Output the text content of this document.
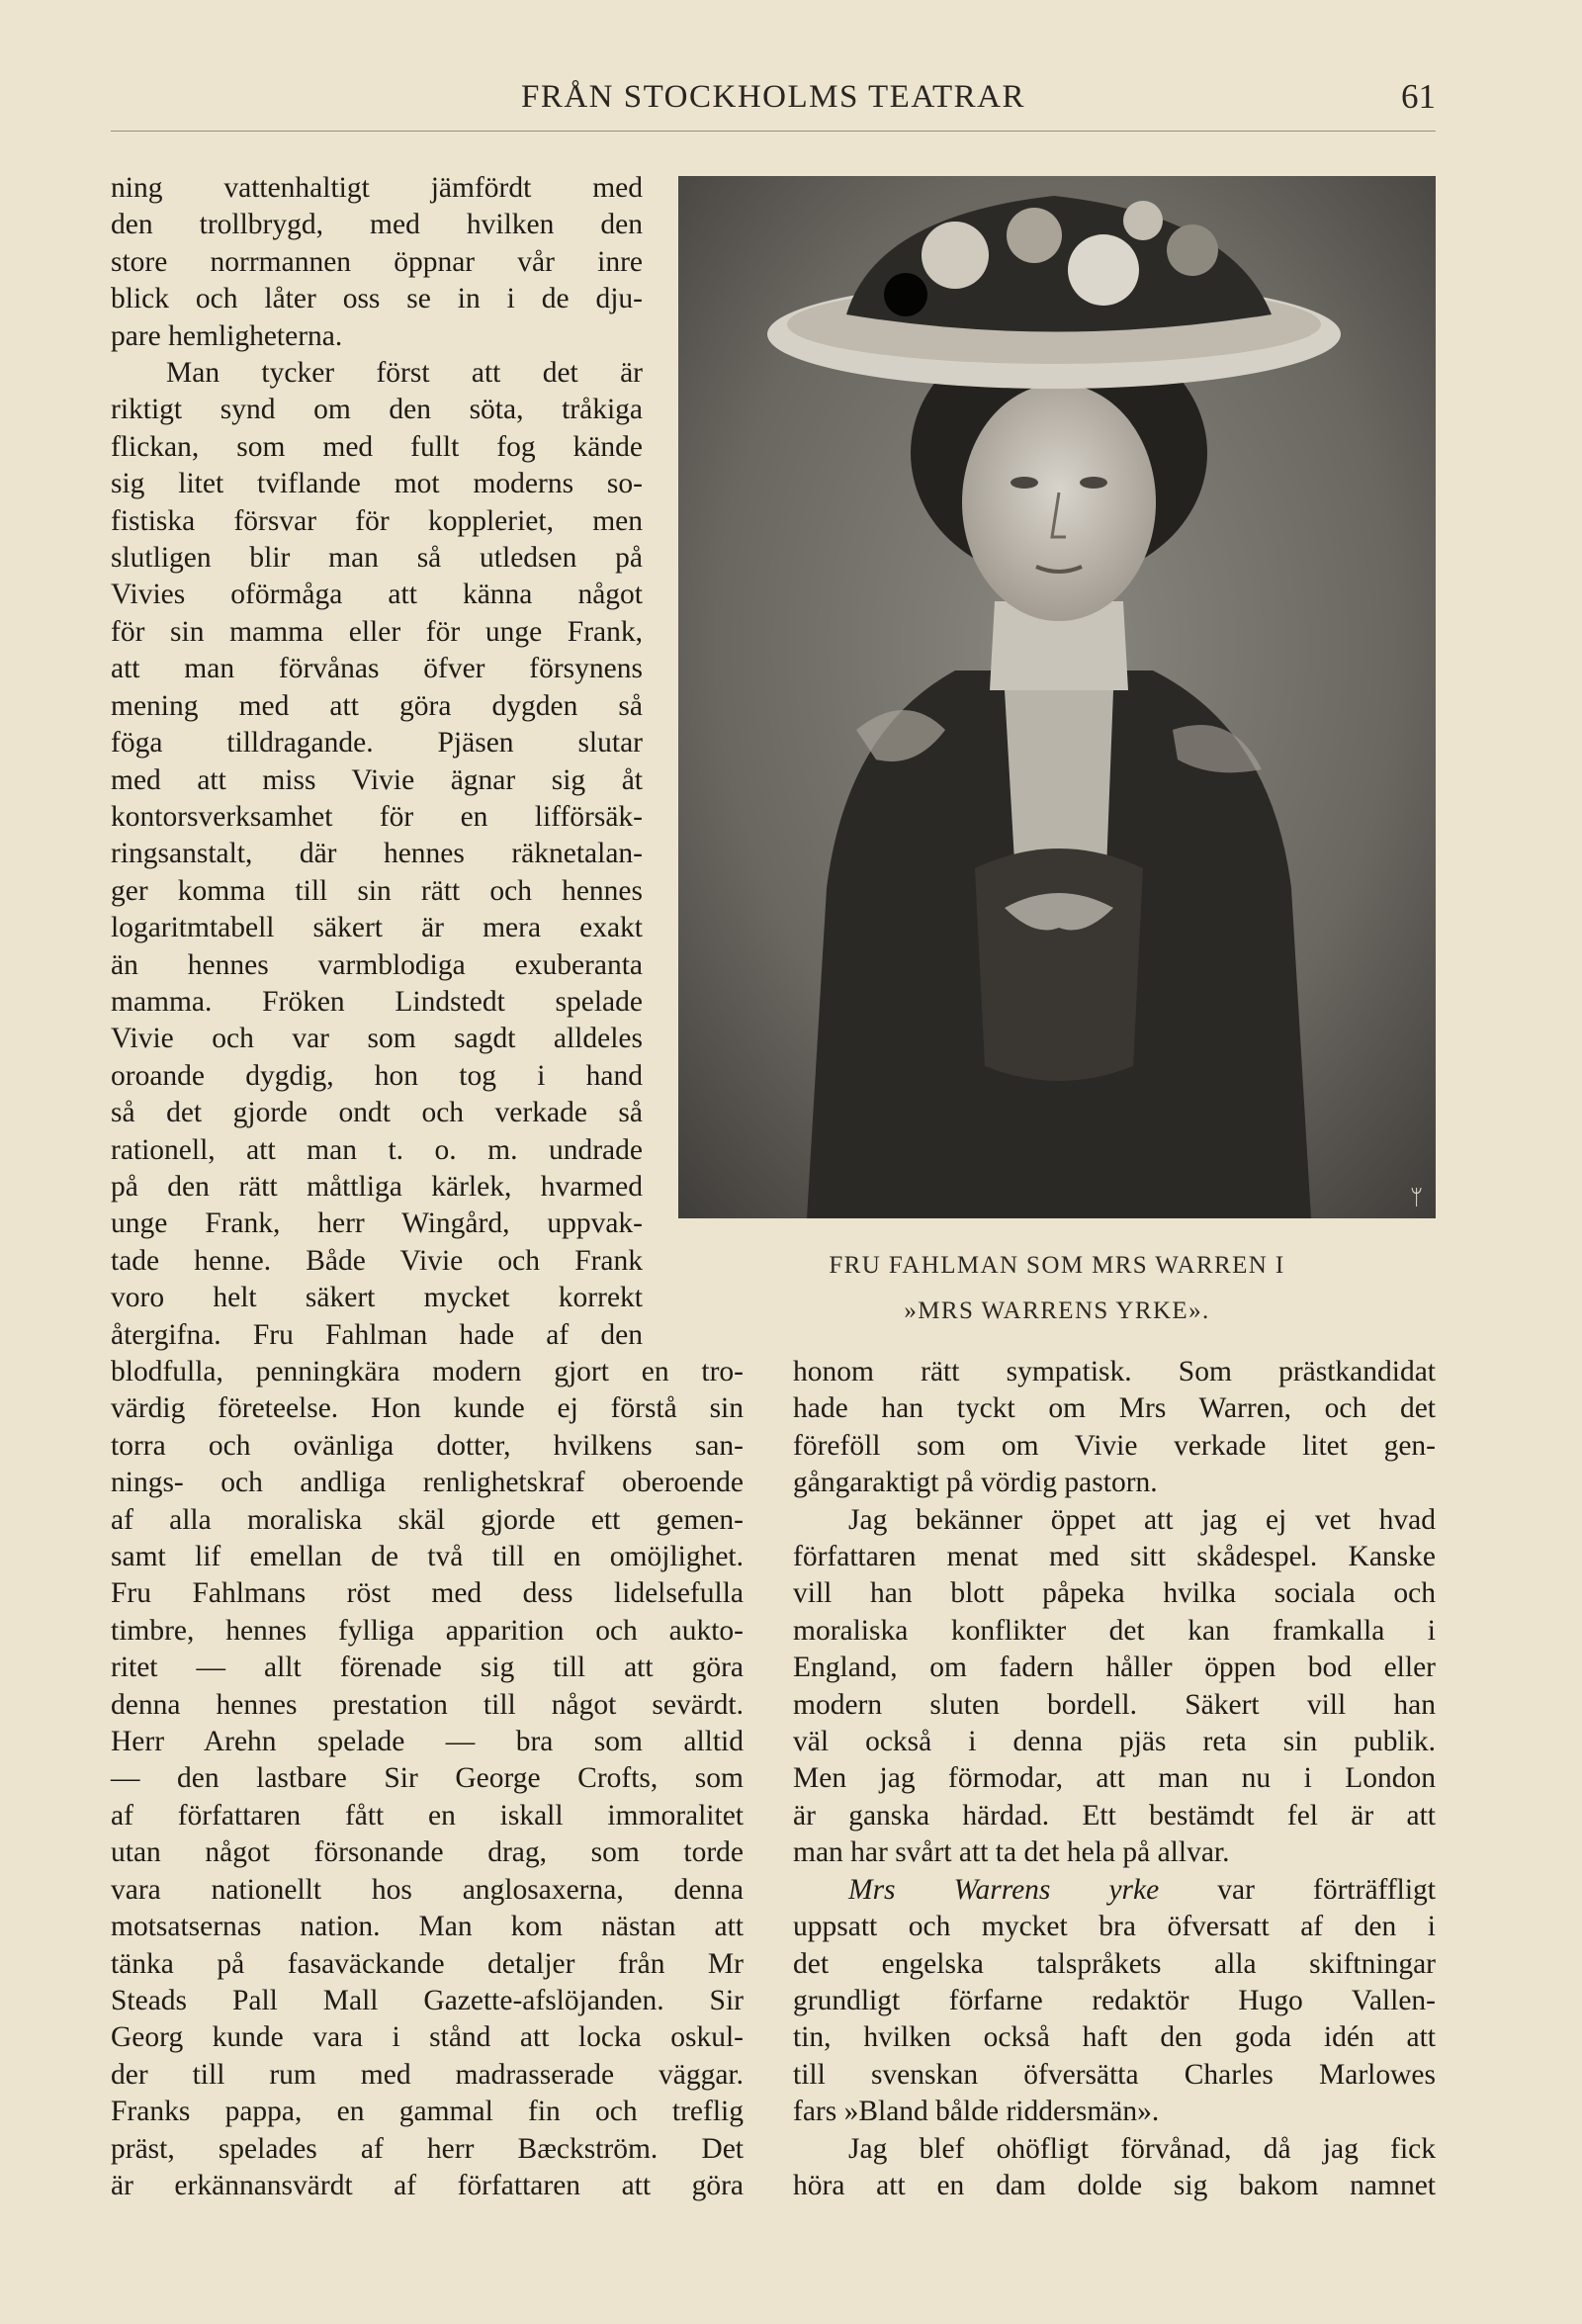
FRÅN STOCKHOLMS TEATRAR	61

ning vattenhaltigt jämfördt med
den trollbrygd, med hvilken den
store norrmannen öppnar vår inre
blick och låter oss se in i de dju-
pare hemligheterna.

Man tycker först att det är
riktigt synd om den söta, tråkiga
flickan, som med fullt fog kände
sig litet tviflande mot moderns so-
fistiska försvar för koppleriet, men
slutligen blir man så utledsen på
Vivies oförmåga att känna något
för sin mamma eller för unge Frank,
att man förvånas öfver försynens
mening med att göra dygden så
föga tilldragande. Pjäsen slutar
med att miss Vivie ägnar sig åt
kontorsverksamhet för en lifförsäk-
ringsanstalt, där hennes räknetalan-
ger komma till sin rätt och hennes
logaritmtabell säkert är mera exakt
än hennes varmblodiga exuberanta
mamma. Fröken Lindstedt spelade
Vivie och var som sagdt alldeles
oroande dygdig, hon tog i hand
så det gjorde ondt och verkade så
rationell, att man t. o. m. undrade
på den rätt måttliga kärlek, hvarmed
unge Frank, herr Wingård, uppvak-
tade henne. Både Vivie och Frank
voro helt säkert mycket korrekt
återgifna. Fru Fahlman hade af den

ᛘ
FRU FAHLMAN SOM MRS WARREN I
»MRS WARRENS YRKE».

blodfulla, penningkära modern gjort en tro-
värdig företeelse. Hon kunde ej förstå sin
torra och ovänliga dotter, hvilkens san-
nings- och andliga renlighetskraf oberoende
af alla moraliska skäl gjorde ett gemen-
samt lif emellan de två till en omöjlighet.
Fru Fahlmans röst med dess lidelsefulla
timbre, hennes fylliga apparition och aukto-
ritet — allt förenade sig till att göra
denna hennes prestation till något sevärdt.
Herr Arehn spelade — bra som alltid
— den lastbare Sir George Crofts, som
af författaren fått en iskall immoralitet
utan något försonande drag, som torde
vara nationellt hos anglosaxerna, denna
motsatsernas nation. Man kom nästan att
tänka på fasaväckande detaljer från Mr
Steads Pall Mall Gazette-afslöjanden. Sir
Georg kunde vara i stånd att locka oskul-
der till rum med madrasserade väggar.
Franks pappa, en gammal fin och treflig
präst, spelades af herr Bæckström. Det
är erkännansvärdt af författaren att göra

honom rätt sympatisk. Som prästkandidat
hade han tyckt om Mrs Warren, och det
föreföll som om Vivie verkade litet gen-
gångaraktigt på vördig pastorn.

Jag bekänner öppet att jag ej vet hvad
författaren menat med sitt skådespel. Kanske
vill han blott påpeka hvilka sociala och
moraliska konflikter det kan framkalla i
England, om fadern håller öppen bod eller
modern sluten bordell. Säkert vill han
väl också i denna pjäs reta sin publik.
Men jag förmodar, att man nu i London
är ganska härdad. Ett bestämdt fel är att
man har svårt att ta det hela på allvar.

Mrs Warrens yrke var förträffligt
uppsatt och mycket bra öfversatt af den i
det engelska talspråkets alla skiftningar
grundligt förfarne redaktör Hugo Vallen-
tin, hvilken också haft den goda idén att
till svenskan öfversätta Charles Marlowes
fars »Bland bålde riddersmän».

Jag blef ohöfligt förvånad, då jag fick
höra att en dam dolde sig bakom namnet
